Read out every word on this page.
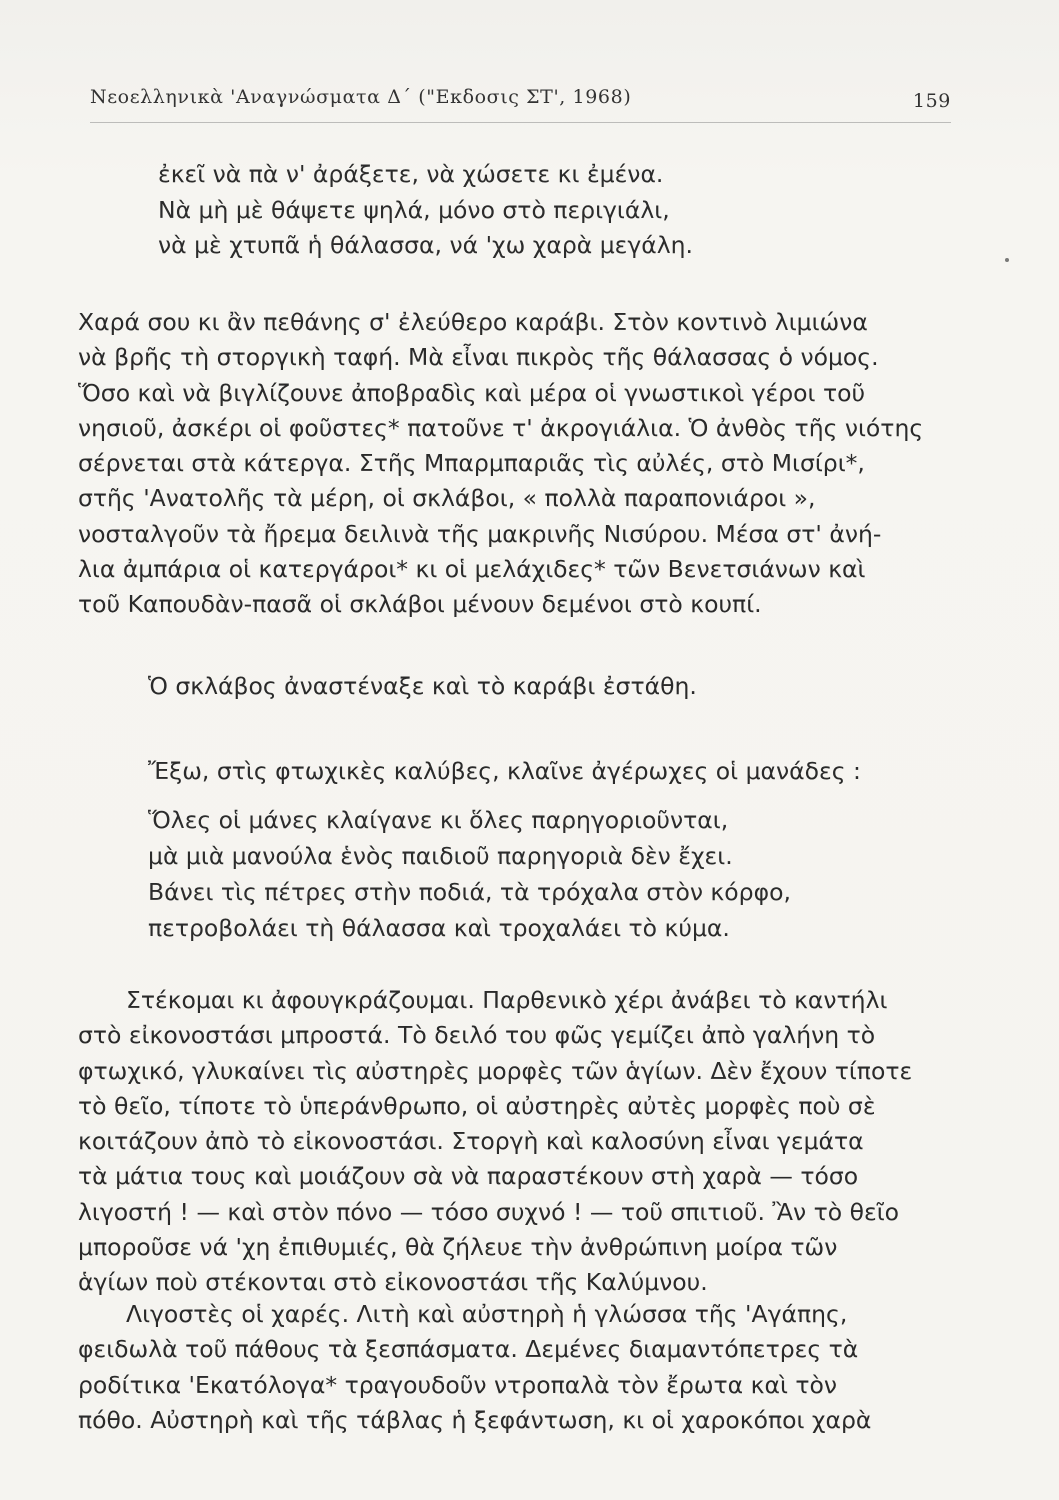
Νεοελληνικὰ 'Αναγνώσματα Δ΄ ("Εκδοσις ΣΤ', 1968)	159
ἐκεῖ νὰ πὰ ν' ἀράξετε, νὰ χώσετε κι ἐμένα.
Νὰ μὴ μὲ θάψετε ψηλά, μόνο στὸ περιγιάλι,
νὰ μὲ χτυπᾶ ἡ θάλασσα, νά 'χω χαρὰ μεγάλη.
Χαρά σου κι ἂν πεθάνης σ' ἐλεύθερο καράβι. Στὸν κοντινὸ λιμιώνα
νὰ βρῆς τὴ στοργικὴ ταφή. Μὰ εἶναι πικρὸς τῆς θάλασσας ὁ νόμος.
Ὅσο καὶ νὰ βιγλίζουνε ἀποβραδὶς καὶ μέρα οἱ γνωστικοὶ γέροι τοῦ
νησιοῦ, ἀσκέρι οἱ φοῦστες* πατοῦνε τ' ἀκρογιάλια. Ὁ ἀνθὸς τῆς νιότης
σέρνεται στὰ κάτεργα. Στῆς Μπαρμπαριᾶς τὶς αὐλές, στὸ Μισίρι*,
στῆς 'Ανατολῆς τὰ μέρη, οἱ σκλάβοι, « πολλὰ παραπονιάροι »,
νοσταλγοῦν τὰ ἤρεμα δειλινὰ τῆς μακρινῆς Νισύρου. Μέσα στ' ἀνή-
λια ἀμπάρια οἱ κατεργάροι* κι οἱ μελάχιδες* τῶν Βενετσιάνων καὶ
τοῦ Καπουδὰν-πασᾶ οἱ σκλάβοι μένουν δεμένοι στὸ κουπί.
Ὁ σκλάβος ἀναστέναξε καὶ τὸ καράβι ἐστάθη.
Ἔξω, στὶς φτωχικὲς καλύβες, κλαῖνε ἀγέρωχες οἱ μανάδες :
Ὅλες οἱ μάνες κλαίγανε κι ὅλες παρηγοριοῦνται,
μὰ μιὰ μανούλα ἑνὸς παιδιοῦ παρηγοριὰ δὲν ἔχει.
Βάνει τὶς πέτρες στὴν ποδιά, τὰ τρόχαλα στὸν κόρφο,
πετροβολάει τὴ θάλασσα καὶ τροχαλάει τὸ κύμα.
Στέκομαι κι ἀφουγκράζουμαι. Παρθενικὸ χέρι ἀνάβει τὸ καντήλι
στὸ εἰκονοστάσι μπροστά. Τὸ δειλό του φῶς γεμίζει ἀπὸ γαλήνη τὸ
φτωχικό, γλυκαίνει τὶς αὐστηρὲς μορφὲς τῶν ἁγίων. Δὲν ἔχουν τίποτε
τὸ θεῖο, τίποτε τὸ ὑπεράνθρωπο, οἱ αὐστηρὲς αὐτὲς μορφὲς ποὺ σὲ
κοιτάζουν ἀπὸ τὸ εἰκονοστάσι. Στοργὴ καὶ καλοσύνη εἶναι γεμάτα
τὰ μάτια τους καὶ μοιάζουν σὰ νὰ παραστέκουν στὴ χαρὰ — τόσο
λιγοστή ! — καὶ στὸν πόνο — τόσο συχνό ! — τοῦ σπιτιοῦ. Ἂν τὸ θεῖο
μποροῦσε νά 'χη ἐπιθυμιές, θὰ ζήλευε τὴν ἀνθρώπινη μοίρα τῶν
ἁγίων ποὺ στέκονται στὸ εἰκονοστάσι τῆς Καλύμνου.
Λιγοστὲς οἱ χαρές. Λιτὴ καὶ αὐστηρὴ ἡ γλώσσα τῆς 'Αγάπης,
φειδωλὰ τοῦ πάθους τὰ ξεσπάσματα. Δεμένες διαμαντόπετρες τὰ
ροδίτικα 'Εκατόλογα* τραγουδοῦν ντροπαλὰ τὸν ἔρωτα καὶ τὸν
πόθο. Αὐστηρὴ καὶ τῆς τάβλας ἡ ξεφάντωση, κι οἱ χαροκόποι χαρὰ
